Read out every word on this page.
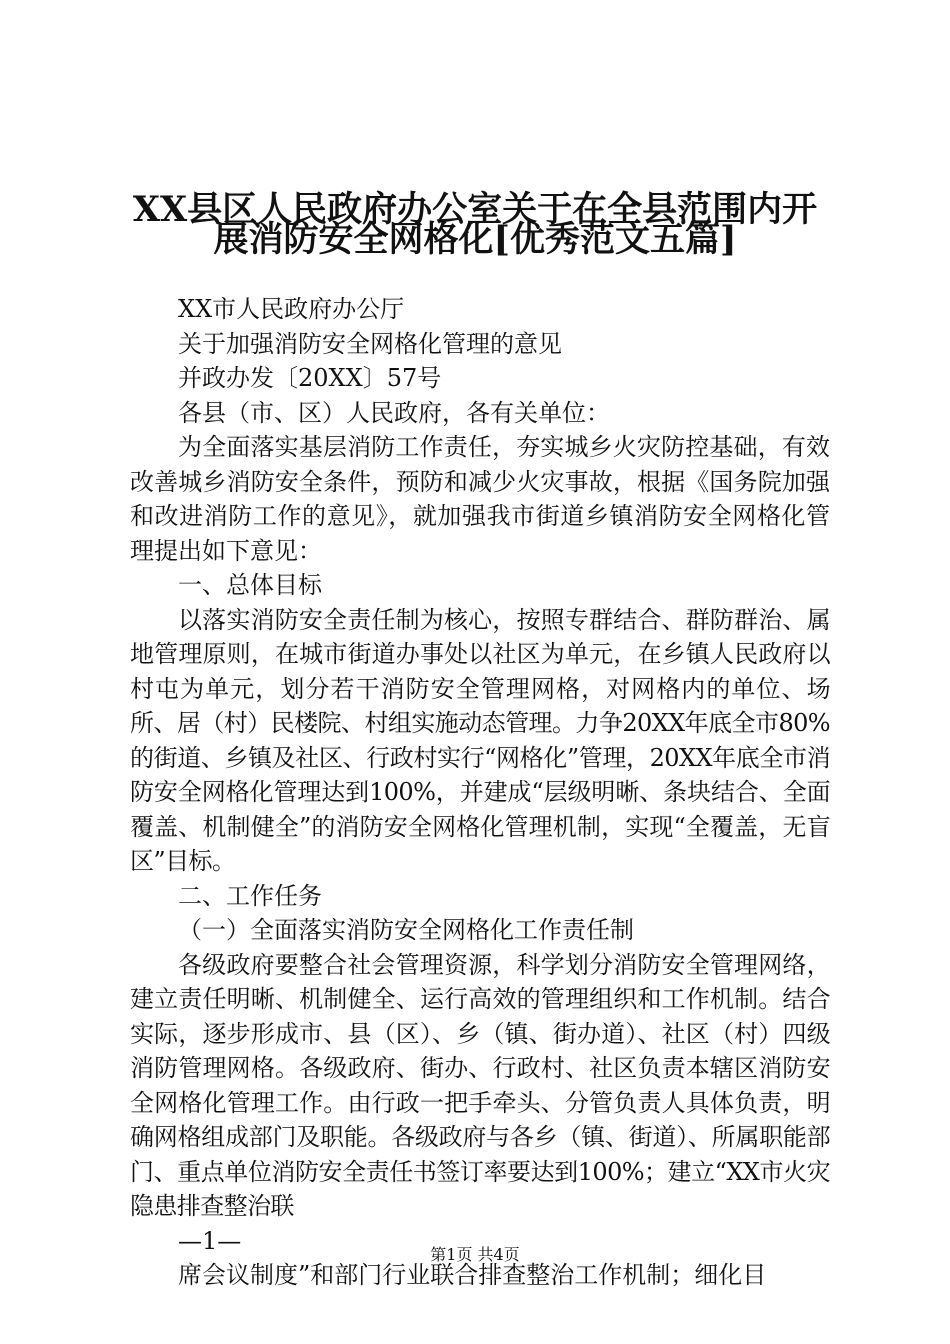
XX县区人民政府办公室关于在全县范围内开
展消防安全网格化[优秀范文五篇]

XX市人民政府办公厅

关于加强消防安全网格化管理的意见

并政办发〔20XX〕57号

各县（市、区）人民政府，各有关单位：

为全面落实基层消防工作责任，夯实城乡火灾防控基础，有效改善城乡消防安全条件，预防和减少火灾事故，根据《国务院加强和改进消防工作的意见》，就加强我市街道乡镇消防安全网格化管理提出如下意见：

一、总体目标

以落实消防安全责任制为核心，按照专群结合、群防群治、属地管理原则，在城市街道办事处以社区为单元，在乡镇人民政府以村屯为单元，划分若干消防安全管理网格，对网格内的单位、场所、居（村）民楼院、村组实施动态管理。力争20XX年底全市80%的街道、乡镇及社区、行政村实行“网格化”管理，20XX年底全市消防安全网格化管理达到100%，并建成“层级明晰、条块结合、全面覆盖、机制健全”的消防安全网格化管理机制，实现“全覆盖，无盲区”目标。

二、工作任务

（一）全面落实消防安全网格化工作责任制

各级政府要整合社会管理资源，科学划分消防安全管理网络，建立责任明晰、机制健全、运行高效的管理组织和工作机制。结合实际，逐步形成市、县（区）、乡（镇、街办道）、社区（村）四级消防管理网格。各级政府、街办、行政村、社区负责本辖区消防安全网格化管理工作。由行政一把手牵头、分管负责人具体负责，明确网格组成部门及职能。各级政府与各乡（镇、街道）、所属职能部门、重点单位消防安全责任书签订率要达到100%；建立“XX市火灾隐患排查整治联

—1—

席会议制度”和部门行业联合排查整治工作机制；细化目

第1页 共4页
